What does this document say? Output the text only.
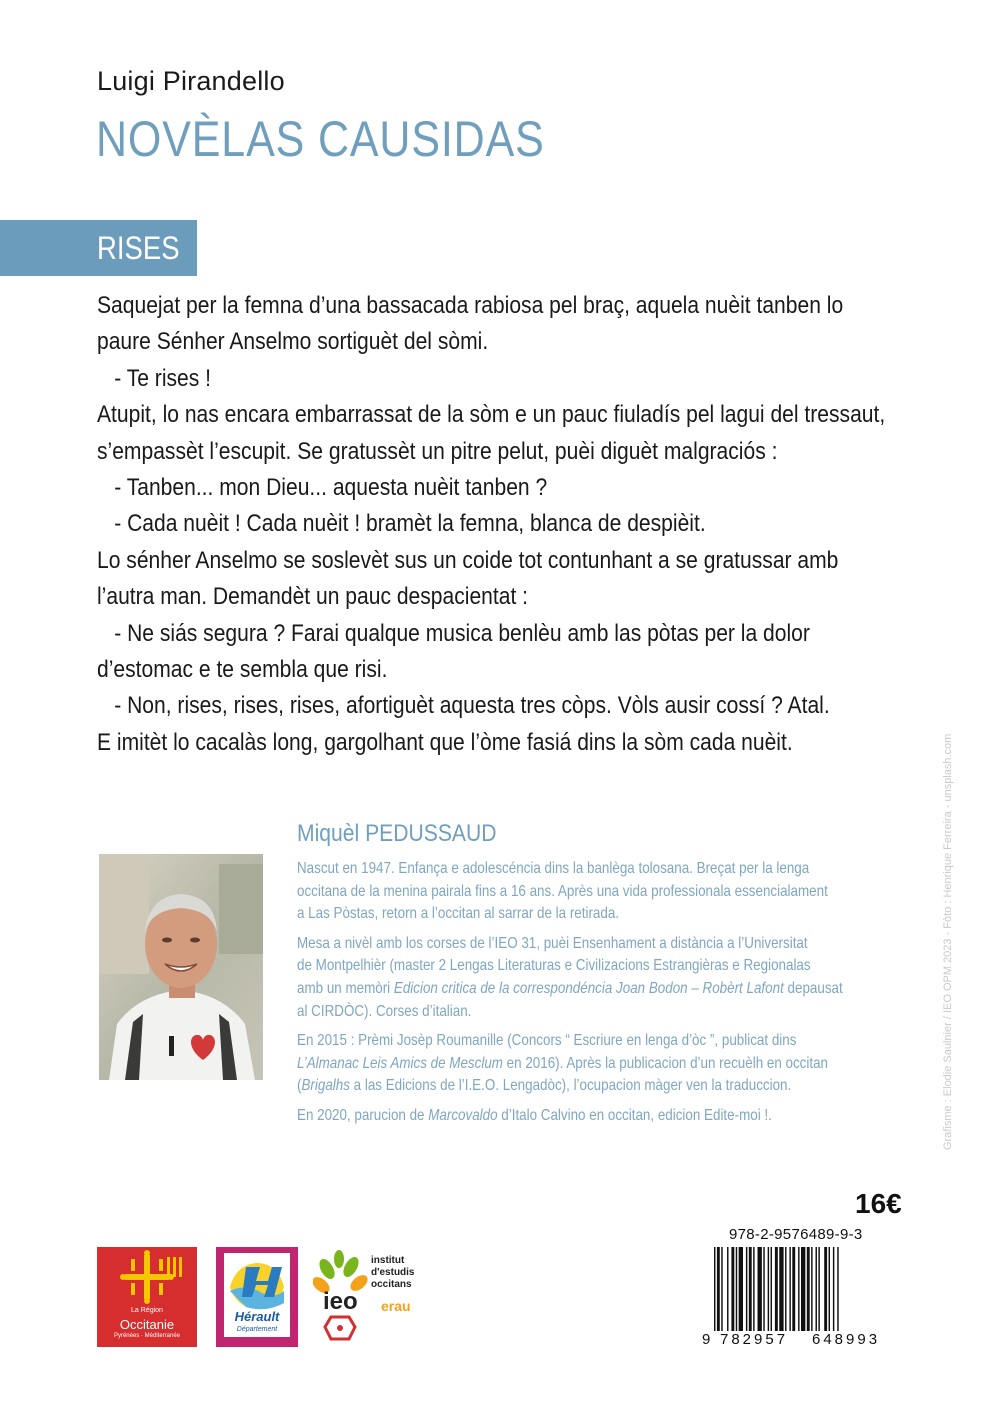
Luigi Pirandello
NOVÈLAS CAUSIDAS
RISES

Saquejat per la femna d’una bassacada rabiosa pel braç, aquela nuèit tanben lo

paure Sénher Anselmo sortiguèt del sòmi.

- Te rises !

Atupit, lo nas encara embarrassat de la sòm e un pauc fiuladís pel lagui del tressaut,

s’empassèt l’escupit. Se gratussèt un pitre pelut, puèi diguèt malgraciós :

- Tanben... mon Dieu... aquesta nuèit tanben ?

- Cada nuèit ! Cada nuèit ! bramèt la femna, blanca de despièit.

Lo sénher Anselmo se soslevèt sus un coide tot contunhant a se gratussar amb

l’autra man. Demandèt un pauc despacientat :

- Ne siás segura ? Farai qualque musica benlèu amb las pòtas per la dolor

d’estomac e te sembla que risi.

- Non, rises, rises, rises, afortiguèt aquesta tres còps. Vòls ausir cossí ? Atal.

E imitèt lo cacalàs long, gargolhant que l’òme fasiá dins la sòm cada nuèit.

Miquèl PEDUSSAUD

Nascut en 1947. Enfança e adolescéncia dins la banlèga tolosana. Breçat per la lenga
occitana de la menina pairala fins a 16 ans. Après una vida professionala essencialament
a Las Pòstas, retorn a l’occitan al sarrar de la retirada.

Mesa a nivèl amb los corses de l’IEO 31, puèi Ensenhament a distància a l’Universitat
de Montpelhièr (master 2 Lengas Literaturas e Civilizacions Estrangièras e Regionalas
amb un memòri Edicion critica de la correspondéncia Joan Bodon – Robèrt Lafont depausat
al CIRDÒC). Corses d’italian.

En 2015 : Prèmi Josèp Roumanille (Concors “ Escriure en lenga d’òc ”, publicat dins
L’Almanac Leis Amics de Mesclum en 2016). Après la publicacion d’un recuèlh en occitan
(Brigalhs a las Edicions de l’I.E.O. Lengadòc), l’ocupacion màger ven la traduccion.

En 2020, parucion de Marcovaldo d’Italo Calvino en occitan, edicion Edite-moi !.	Grafisme : Elodie Saulnier / IEO OPM 2023 - Fòto : Henrique Ferreira - unsplash.com
16€
978-2-9576489-9-3
9 782957 648993
La Région
Occitanie
Pyrénées · Méditerranée
Hérault
Département
ieo
institut
d'estudis
occitans
erau
